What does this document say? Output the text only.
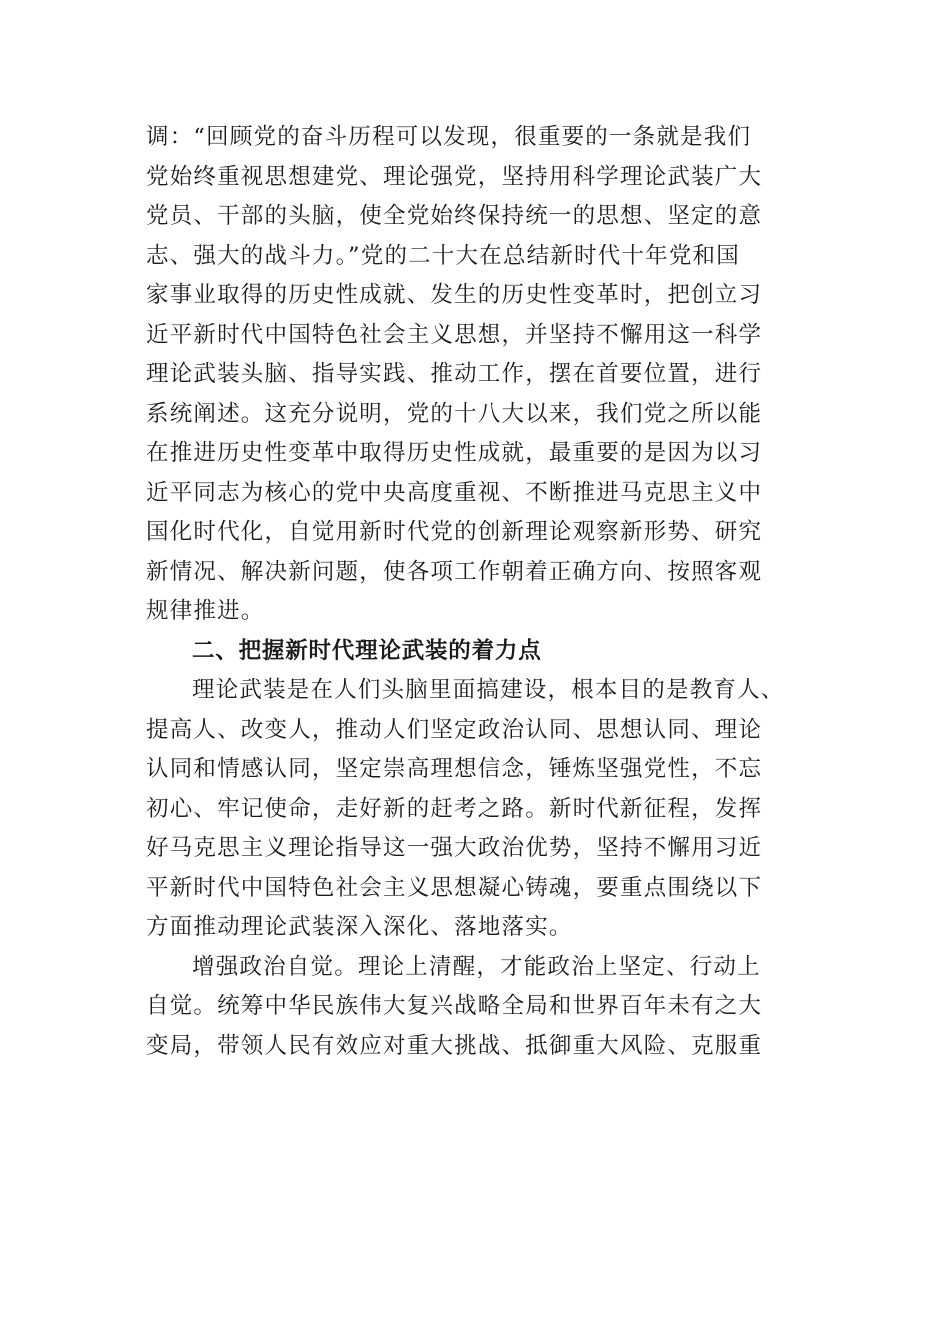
调：“回顾党的奋斗历程可以发现，很重要的一条就是我们
党始终重视思想建党、理论强党，坚持用科学理论武装广大
党员、干部的头脑，使全党始终保持统一的思想、坚定的意
志、强大的战斗力。”党的二十大在总结新时代十年党和国
家事业取得的历史性成就、发生的历史性变革时，把创立习
近平新时代中国特色社会主义思想，并坚持不懈用这一科学
理论武装头脑、指导实践、推动工作，摆在首要位置，进行
系统阐述。这充分说明，党的十八大以来，我们党之所以能
在推进历史性变革中取得历史性成就，最重要的是因为以习
近平同志为核心的党中央高度重视、不断推进马克思主义中
国化时代化，自觉用新时代党的创新理论观察新形势、研究
新情况、解决新问题，使各项工作朝着正确方向、按照客观
规律推进。
二、把握新时代理论武装的着力点
理论武装是在人们头脑里面搞建设，根本目的是教育人、
提高人、改变人，推动人们坚定政治认同、思想认同、理论
认同和情感认同，坚定崇高理想信念，锤炼坚强党性，不忘
初心、牢记使命，走好新的赶考之路。新时代新征程，发挥
好马克思主义理论指导这一强大政治优势，坚持不懈用习近
平新时代中国特色社会主义思想凝心铸魂，要重点围绕以下
方面推动理论武装深入深化、落地落实。
增强政治自觉。理论上清醒，才能政治上坚定、行动上
自觉。统筹中华民族伟大复兴战略全局和世界百年未有之大
变局，带领人民有效应对重大挑战、抵御重大风险、克服重
